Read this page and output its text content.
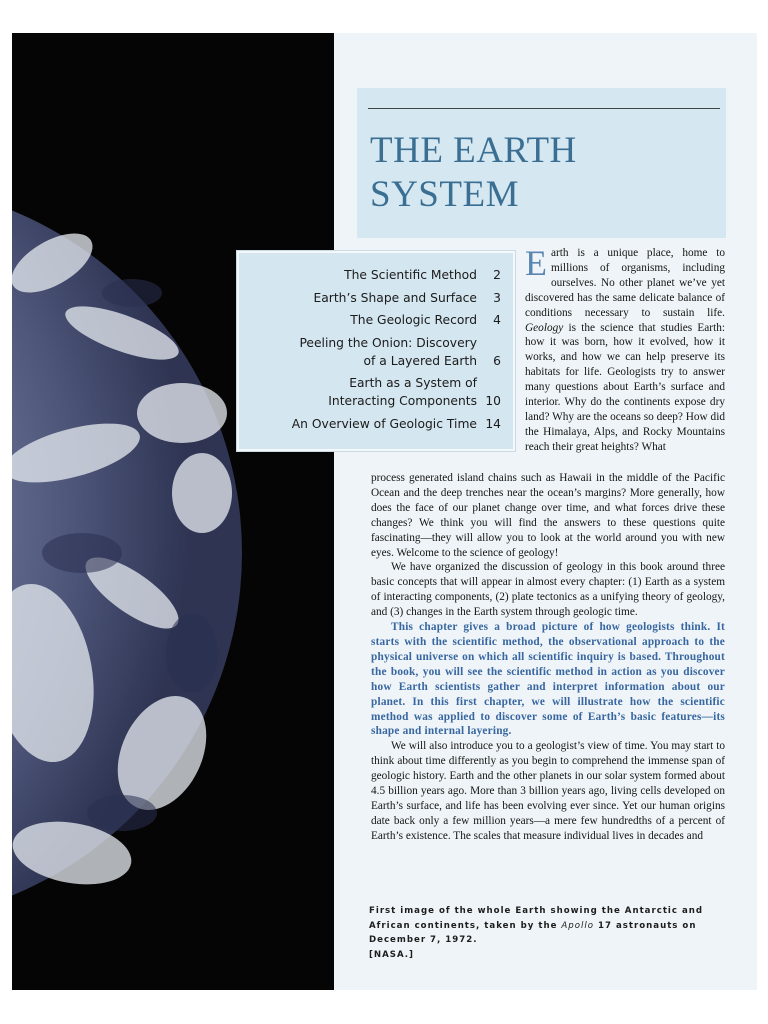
THE EARTH
SYSTEM
The Scientific Method	2
Earth’s Shape and Surface	3
The Geologic Record	4
Peeling the Onion: Discovery of a Layered Earth	6
Earth as a System of Interacting Components 10
An Overview of Geologic Time 14

Earth is a unique place, home to millions of organisms, including ourselves. No other planet we’ve yet discovered has the same delicate balance of conditions necessary to sustain life. Geology is the science that studies Earth: how it was born, how it evolved, how it works, and how we can help preserve its habitats for life. Geologists try to answer many questions about Earth’s surface and interior. Why do the continents expose dry land? Why are the oceans so deep? How did the Himalaya, Alps, and Rocky Mountains reach their great heights? What

process generated island chains such as Hawaii in the middle of the Pacific Ocean and the deep trenches near the ocean’s margins? More generally, how does the face of our planet change over time, and what forces drive these changes? We think you will find the answers to these questions quite fascinating—they will allow you to look at the world around you with new eyes. Welcome to the science of geology!

We have organized the discussion of geology in this book around three basic concepts that will appear in almost every chapter: (1) Earth as a system of interacting components, (2) plate tectonics as a unifying theory of geology, and (3) changes in the Earth system through geologic time.

This chapter gives a broad picture of how geologists think. It starts with the scientific method, the observational approach to the physical universe on which all scientific inquiry is based. Throughout the book, you will see the scientific method in action as you discover how Earth scientists gather and interpret information about our planet. In this first chapter, we will illustrate how the scientific method was applied to discover some of Earth’s basic features—its shape and internal layering.

We will also introduce you to a geologist’s view of time. You may start to think about time differently as you begin to comprehend the immense span of geologic history. Earth and the other planets in our solar system formed about 4.5 billion years ago. More than 3 billion years ago, living cells developed on Earth’s surface, and life has been evolving ever since. Yet our human origins date back only a few million years—a mere few hundredths of a percent of Earth’s existence. The scales that measure individual lives in decades and

First image of the whole Earth showing the Antarctic and African continents, taken by the Apollo 17 astronauts on December 7, 1972.
[NASA.]
